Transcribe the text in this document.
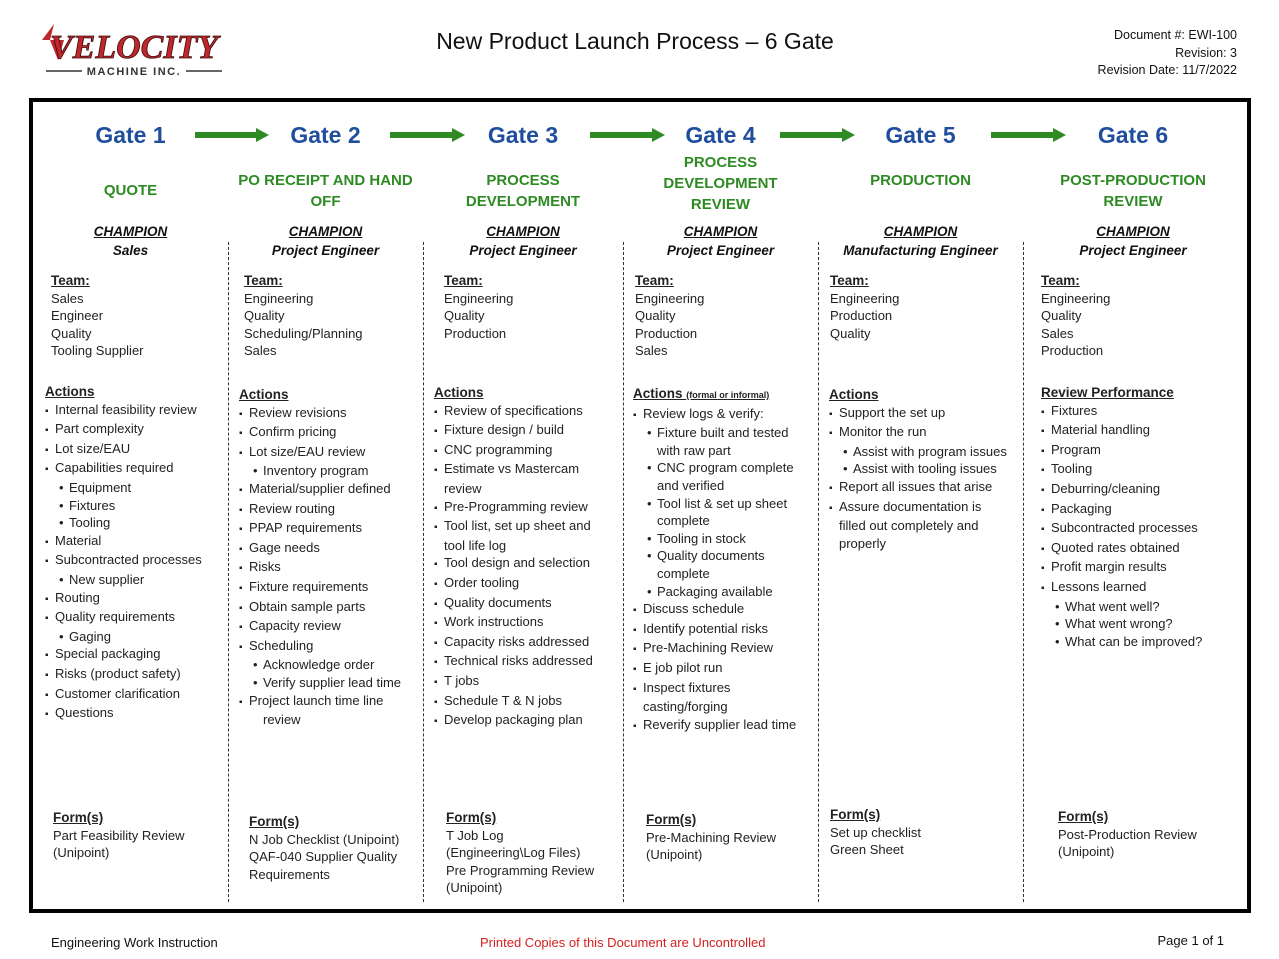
VELOCITY
MACHINE INC.
New Product Launch Process – 6 Gate	Document #: EWI-100
Revision: 3
Revision Date: 11/7/2022
Gate 1
QUOTE
CHAMPION
Sales
Team:
Sales
Engineer
Quality
Tooling Supplier
Actions
▪ Internal feasibility review
▪ Part complexity
▪ Lot size/EAU
▪ Capabilities required
• Equipment
• Fixtures
• Tooling
▪ Material
▪ Subcontracted processes
• New supplier
▪ Routing
▪ Quality requirements
• Gaging
▪ Special packaging
▪ Risks (product safety)
▪ Customer clarification
▪ Questions
Form(s)
Part Feasibility Review
(Unipoint)
Gate 2
PO RECEIPT AND HAND
OFF
CHAMPION
Project Engineer
Team:
Engineering
Quality
Scheduling/Planning
Sales
Actions
▪ Review revisions
▪ Confirm pricing
▪ Lot size/EAU review
• Inventory program
▪ Material/supplier defined
▪ Review routing
▪ PPAP requirements
▪ Gage needs
▪ Risks
▪ Fixture requirements
▪ Obtain sample parts
▪ Capacity review
▪ Scheduling
• Acknowledge order
• Verify supplier lead time
▪ Project launch time line
review
Form(s)
N Job Checklist (Unipoint)
QAF-040 Supplier Quality
Requirements
Gate 3
PROCESS
DEVELOPMENT
CHAMPION
Project Engineer
Team:
Engineering
Quality
Production
Actions
▪ Review of specifications
▪ Fixture design / build
▪ CNC programming
▪ Estimate vs Mastercam
review
▪ Pre-Programming review
▪ Tool list, set up sheet and
tool life log
▪ Tool design and selection
▪ Order tooling
▪ Quality documents
▪ Work instructions
▪ Capacity risks addressed
▪ Technical risks addressed
▪ T jobs
▪ Schedule T & N jobs
▪ Develop packaging plan
Form(s)
T Job Log
(Engineering\Log Files)
Pre Programming Review
(Unipoint)
Gate 4
PROCESS
DEVELOPMENT
REVIEW
CHAMPION
Project Engineer
Team:
Engineering
Quality
Production
Sales
Actions (formal or informal)
▪ Review logs & verify:
• Fixture built and tested
with raw part
• CNC program complete
and verified
• Tool list & set up sheet
complete
• Tooling in stock
• Quality documents
complete
• Packaging available
▪ Discuss schedule
▪ Identify potential risks
▪ Pre-Machining Review
▪ E job pilot run
▪ Inspect fixtures
casting/forging
▪ Reverify supplier lead time
Form(s)
Pre-Machining Review
(Unipoint)
Gate 5
PRODUCTION
CHAMPION
Manufacturing Engineer
Team:
Engineering
Production
Quality
Actions
▪ Support the set up
▪ Monitor the run
• Assist with program issues
• Assist with tooling issues
▪ Report all issues that arise
▪ Assure documentation is
filled out completely and
properly
Form(s)
Set up checklist
Green Sheet
Gate 6
POST-PRODUCTION
REVIEW
CHAMPION
Project Engineer
Team:
Engineering
Quality
Sales
Production
Review Performance
▪ Fixtures
▪ Material handling
▪ Program
▪ Tooling
▪ Deburring/cleaning
▪ Packaging
▪ Subcontracted processes
▪ Quoted rates obtained
▪ Profit margin results
▪ Lessons learned
• What went well?
• What went wrong?
• What can be improved?
Form(s)
Post-Production Review
(Unipoint)
Engineering Work Instruction	Printed Copies of this Document are Uncontrolled	Page 1 of 1
